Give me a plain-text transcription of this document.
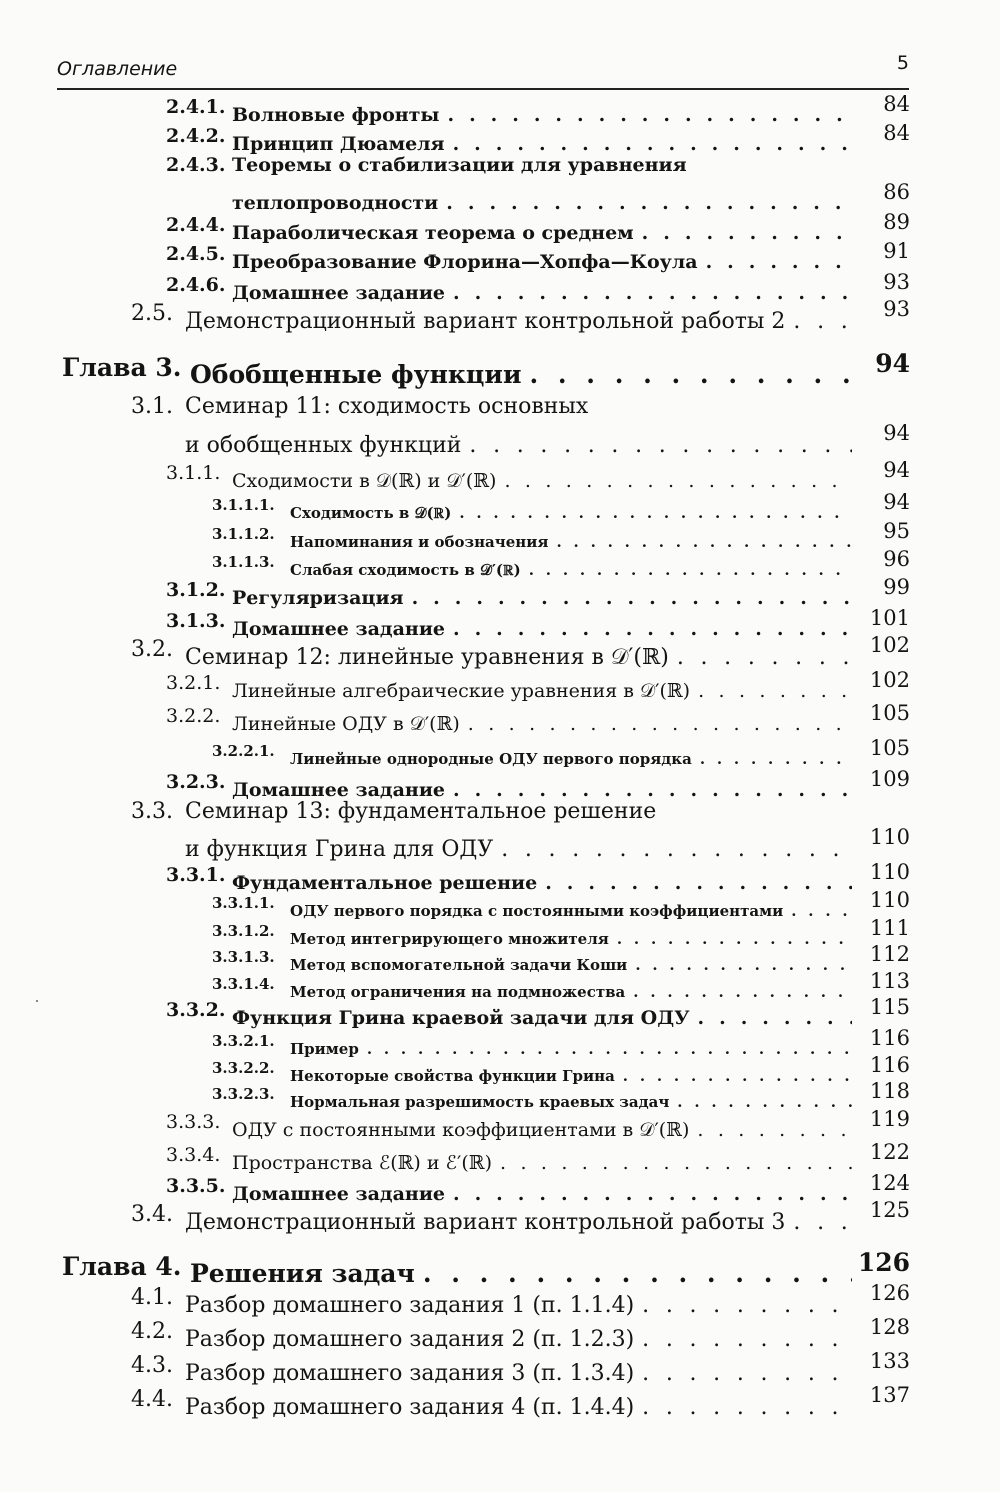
Оглавление	5
2.4.1. Волновые фронты . . .	84
2.4.2. Принцип Дюамеля . . .	84
2.4.3. Теоремы о стабилизации для уравнения
теплопроводности . . .	86
2.4.4. Параболическая теорема о среднем . . .	89
2.4.5. Преобразование Флорина—Хопфа—Коула . . .	91
2.4.6. Домашнее задание . . .	93
2.5. Демонстрационный вариант контрольной работы 2 . . .	93
Глава 3. Обобщенные функции . . .	94
3.1. Семинар 11: сходимость основных
и обобщенных функций . . .	94
3.1.1. Сходимости в 𝒟(ℝ) и 𝒟′(ℝ) . . .	94
3.1.1.1. Сходимость в 𝒟(ℝ) . . .	94
3.1.1.2. Напоминания и обозначения . . .	95
3.1.1.3. Слабая сходимость в 𝒟′(ℝ) . . .	96
3.1.2. Регуляризация . . .	99
3.1.3. Домашнее задание . . .	101
3.2. Семинар 12: линейные уравнения в 𝒟′(ℝ) . . .	102
3.2.1. Линейные алгебраические уравнения в 𝒟′(ℝ) . . .	102
3.2.2. Линейные ОДУ в 𝒟′(ℝ) . . .	105
3.2.2.1. Линейные однородные ОДУ первого порядка . . .	105
3.2.3. Домашнее задание . . .	109
3.3. Семинар 13: фундаментальное решение
и функция Грина для ОДУ . . .	110
3.3.1. Фундаментальное решение . . .	110
3.3.1.1. ОДУ первого порядка с постоянными коэффициентами . . .	110
3.3.1.2. Метод интегрирующего множителя . . .	111
3.3.1.3. Метод вспомогательной задачи Коши . . .	112
3.3.1.4. Метод ограничения на подмножества . . .	113
3.3.2. Функция Грина краевой задачи для ОДУ . . .	115
3.3.2.1. Пример . . .	116
3.3.2.2. Некоторые свойства функции Грина . . .	116
3.3.2.3. Нормальная разрешимость краевых задач . . .	118
3.3.3. ОДУ с постоянными коэффициентами в 𝒟′(ℝ) . . .	119
3.3.4. Пространства ℰ(ℝ) и ℰ′(ℝ) . . .	122
3.3.5. Домашнее задание . . .	124
3.4. Демонстрационный вариант контрольной работы 3 . . .	125
Глава 4. Решения задач . . .	126
4.1. Разбор домашнего задания 1 (п. 1.1.4) . . .	126
4.2. Разбор домашнего задания 2 (п. 1.2.3) . . .	128
4.3. Разбор домашнего задания 3 (п. 1.3.4) . . .	133
4.4. Разбор домашнего задания 4 (п. 1.4.4) . . .	137
